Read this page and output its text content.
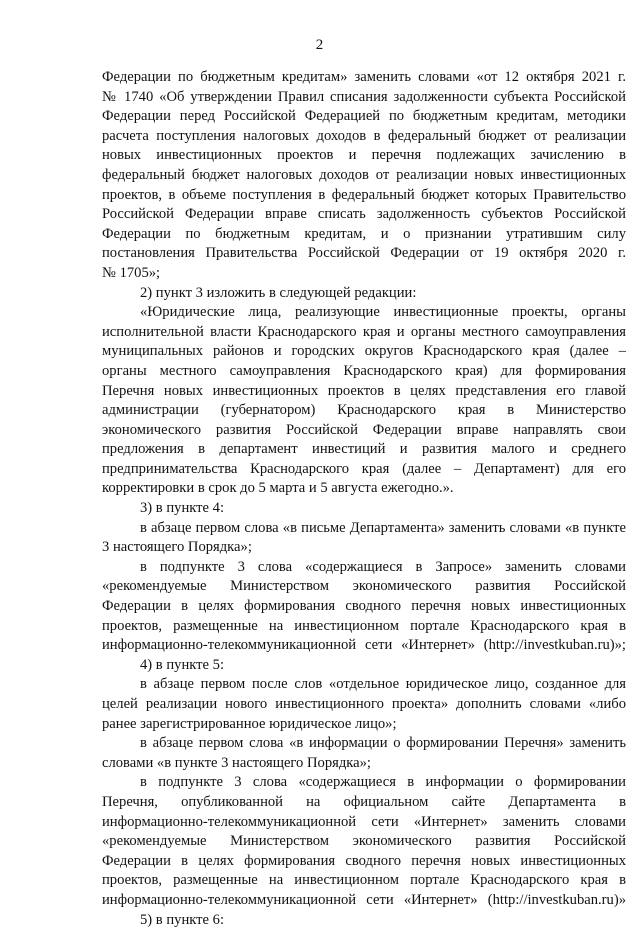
2
Федерации по бюджетным кредитам» заменить словами «от 12 октября 2021 г.
№ 1740 «Об утверждении Правил списания задолженности субъекта Российской
Федерации перед Российской Федерацией по бюджетным кредитам, методики
расчета поступления налоговых доходов в федеральный бюджет от реализации
новых инвестиционных проектов и перечня подлежащих зачислению в
федеральный бюджет налоговых доходов от реализации новых инвестиционных
проектов, в объеме поступления в федеральный бюджет которых Правительство
Российской Федерации вправе списать задолженность субъектов Российской
Федерации по бюджетным кредитам, и о признании утратившим силу
постановления Правительства Российской Федерации от 19 октября 2020 г.
№ 1705»;
2) пункт 3 изложить в следующей редакции:
«Юридические лица, реализующие инвестиционные проекты, органы
исполнительной власти Краснодарского края и органы местного самоуправления
муниципальных районов и городских округов Краснодарского края (далее –
органы местного самоуправления Краснодарского края) для формирования
Перечня новых инвестиционных проектов в целях представления его главой
администрации (губернатором) Краснодарского края в Министерство
экономического развития Российской Федерации вправе направлять свои
предложения в департамент инвестиций и развития малого и среднего
предпринимательства Краснодарского края (далее – Департамент) для его
корректировки в срок до 5 марта и 5 августа ежегодно.».
3) в пункте 4:
в абзаце первом слова «в письме Департамента» заменить словами «в пункте
3 настоящего Порядка»;
в подпункте 3 слова «содержащиеся в Запросе» заменить словами
«рекомендуемые Министерством экономического развития Российской
Федерации в целях формирования сводного перечня новых инвестиционных
проектов, размещенные на инвестиционном портале Краснодарского края в
информационно-телекоммуникационной сети «Интернет» (http://investkuban.ru)»;
4) в пункте 5:
в абзаце первом после слов «отдельное юридическое лицо, созданное для
целей реализации нового инвестиционного проекта» дополнить словами «либо
ранее зарегистрированное юридическое лицо»;
в абзаце первом слова «в информации о формировании Перечня» заменить
словами «в пункте 3 настоящего Порядка»;
в подпункте 3 слова «содержащиеся в информации о формировании
Перечня, опубликованной на официальном сайте Департамента в
информационно-телекоммуникационной сети «Интернет» заменить словами
«рекомендуемые Министерством экономического развития Российской
Федерации в целях формирования сводного перечня новых инвестиционных
проектов, размещенные на инвестиционном портале Краснодарского края в
информационно-телекоммуникационной сети «Интернет» (http://investkuban.ru)»
5) в пункте 6:
